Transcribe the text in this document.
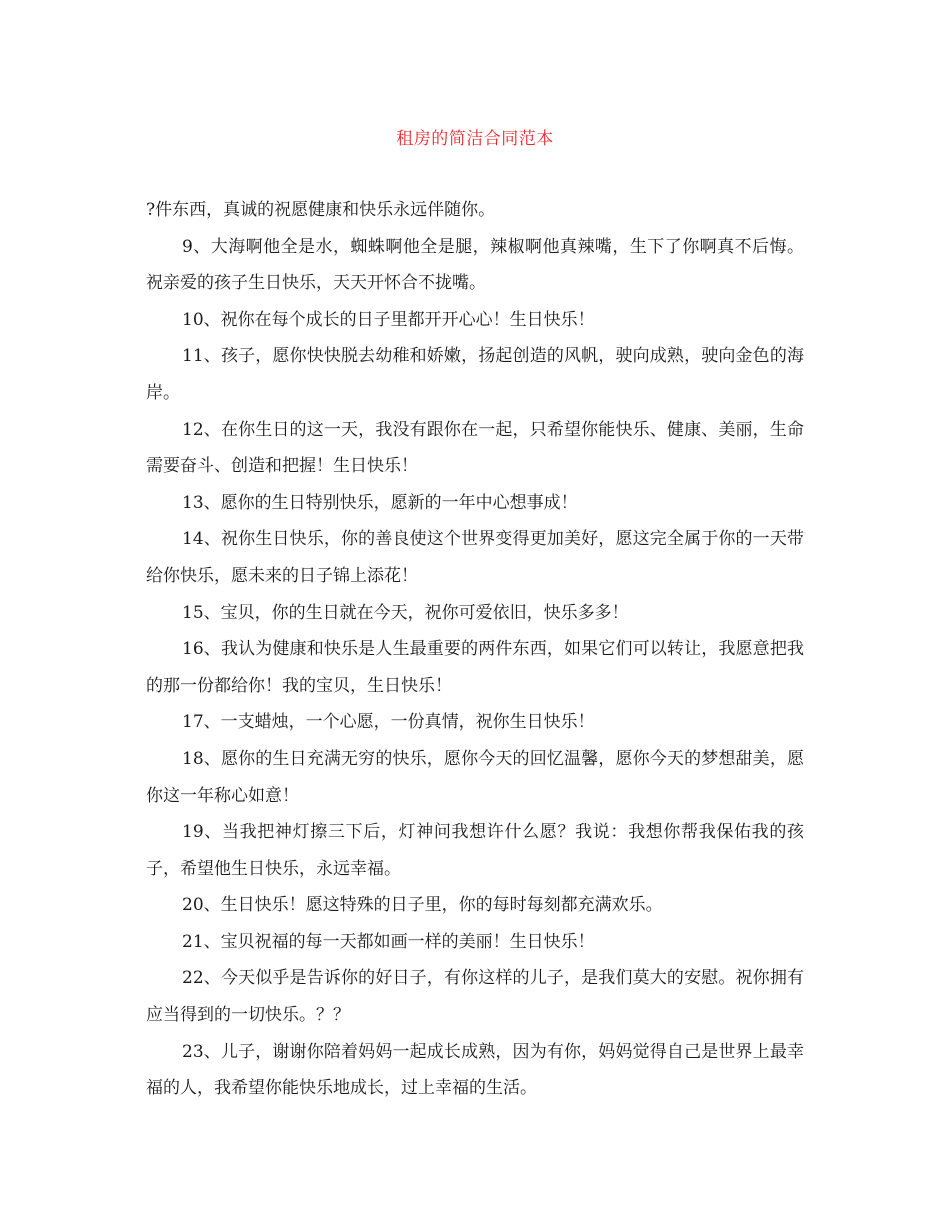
租房的简洁合同范本

?件东西，真诚的祝愿健康和快乐永远伴随你。

9、大海啊他全是水，蜘蛛啊他全是腿，辣椒啊他真辣嘴，生下了你啊真不后悔。祝亲爱的孩子生日快乐，天天开怀合不拢嘴。

10、祝你在每个成长的日子里都开开心心！生日快乐！

11、孩子，愿你快快脱去幼稚和娇嫩，扬起创造的风帆，驶向成熟，驶向金色的海岸。

12、在你生日的这一天，我没有跟你在一起，只希望你能快乐、健康、美丽，生命需要奋斗、创造和把握！生日快乐！

13、愿你的生日特别快乐，愿新的一年中心想事成！

14、祝你生日快乐，你的善良使这个世界变得更加美好，愿这完全属于你的一天带给你快乐，愿未来的日子锦上添花！

15、宝贝，你的生日就在今天，祝你可爱依旧，快乐多多！

16、我认为健康和快乐是人生最重要的两件东西，如果它们可以转让，我愿意把我的那一份都给你！我的宝贝，生日快乐！

17、一支蜡烛，一个心愿，一份真情，祝你生日快乐！

18、愿你的生日充满无穷的快乐，愿你今天的回忆温馨，愿你今天的梦想甜美，愿你这一年称心如意！

19、当我把神灯擦三下后，灯神问我想许什么愿？我说：我想你帮我保佑我的孩子，希望他生日快乐，永远幸福。

20、生日快乐！愿这特殊的日子里，你的每时每刻都充满欢乐。

21、宝贝祝福的每一天都如画一样的美丽！生日快乐！

22、今天似乎是告诉你的好日子，有你这样的儿子，是我们莫大的安慰。祝你拥有应当得到的一切快乐。？？

23、儿子，谢谢你陪着妈妈一起成长成熟，因为有你，妈妈觉得自己是世界上最幸福的人，我希望你能快乐地成长，过上幸福的生活。
